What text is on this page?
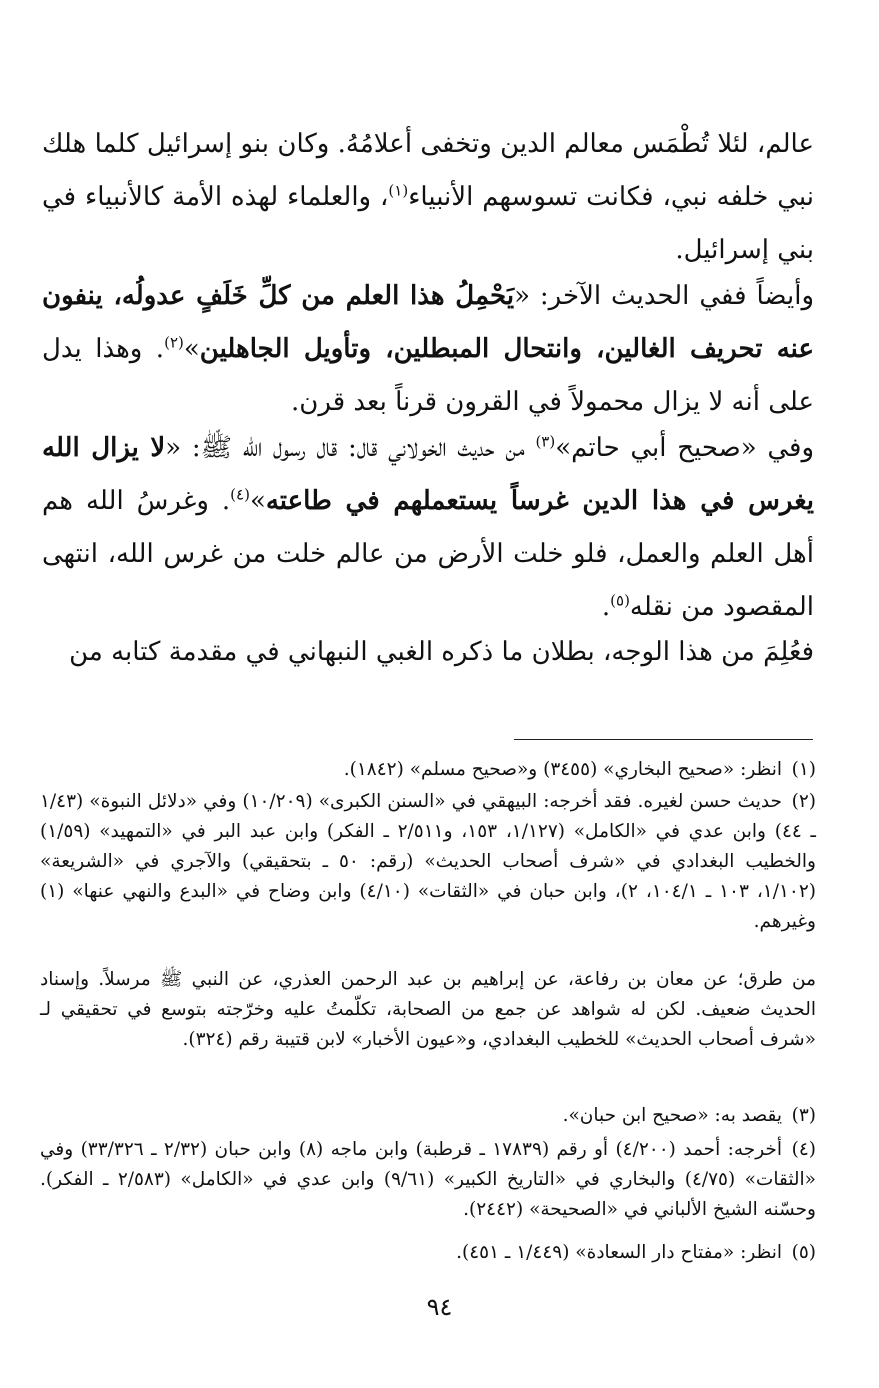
عالم، لئلا تُطْمَس معالم الدين وتخفى أعلامُهُ. وكان بنو إسرائيل كلما هلك نبي خلفه نبي، فكانت تسوسهم الأنبياء$^{(١)}$، والعلماء لهذه الأمة كالأنبياء في بني إسرائيل.

وأيضاً ففي الحديث الآخر: «يَحْمِلُ هذا العلم من كلِّ خَلَفٍ عدولُه، ينفون عنه تحريف الغالين، وانتحال المبطلين، وتأويل الجاهلين»$^{(٢)}$. وهذا يدل على أنه لا يزال محمولاً في القرون قرناً بعد قرن.

وفي «صحيح أبي حاتم»$^{(٣)}$ من حديث الخولاني قال: قال رسول الله ﷺ: «لا يزال الله يغرس في هذا الدين غرساً يستعملهم في طاعته»$^{(٤)}$. وغرسُ الله هم أهل العلم والعمل، فلو خلت الأرض من عالم خلت من غرس الله، انتهى المقصود من نقله$^{(٥)}$.

فعُلِمَ من هذا الوجه، بطلان ما ذكره الغبي النبهاني في مقدمة كتابه من

(١)انظر: «صحيح البخاري» (٣٤٥٥) و«صحيح مسلم» (١٨٤٢).

(٢)حديث حسن لغيره. فقد أخرجه: البيهقي في «السنن الكبرى» (١٠/٢٠٩) وفي «دلائل النبوة» (١/٤٣ ـ ٤٤) وابن عدي في «الكامل» (١/١٢٧، ١٥٣، و٢/٥١١ ـ الفكر) وابن عبد البر في «التمهيد» (١/٥٩) والخطيب البغدادي في «شرف أصحاب الحديث» (رقم: ٥٠ ـ بتحقيقي) والآجري في «الشريعة» (١/١٠٢، ١٠٣ ـ ١٠٤/١، ٢)، وابن حبان في «الثقات» (٤/١٠) وابن وضاح في «البدع والنهي عنها» (١) وغيرهم.

من طرق؛ عن معان بن رفاعة، عن إبراهيم بن عبد الرحمن العذري، عن النبي ﷺ مرسلاً. وإسناد الحديث ضعيف. لكن له شواهد عن جمع من الصحابة، تكلّمتُ عليه وخرّجته بتوسع في تحقيقي لـ «شرف أصحاب الحديث» للخطيب البغدادي، و«عيون الأخبار» لابن قتيبة رقم (٣٢٤).

(٣)يقصد به: «صحيح ابن حبان».

(٤)أخرجه: أحمد (٤/٢٠٠) أو رقم (١٧٨٣٩ ـ قرطبة) وابن ماجه (٨) وابن حبان (٢/٣٢ ـ ٣٣/٣٢٦) وفي «الثقات» (٤/٧٥) والبخاري في «التاريخ الكبير» (٩/٦١) وابن عدي في «الكامل» (٢/٥٨٣ ـ الفكر). وحسّنه الشيخ الألباني في «الصحيحة» (٢٤٤٢).

(٥)انظر: «مفتاح دار السعادة» (١/٤٤٩ ـ ٤٥١).

٩٤
